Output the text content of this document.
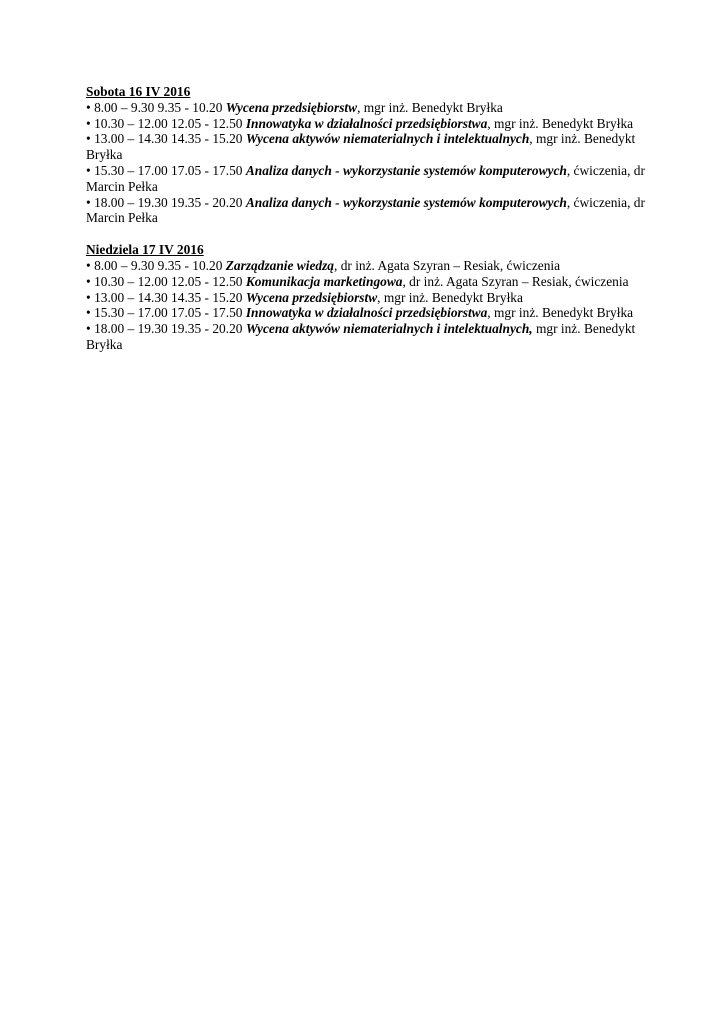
Sobota 16 IV 2016
• 8.00 – 9.30 9.35 - 10.20 Wycena przedsiębiorstw, mgr inż. Benedykt Bryłka
• 10.30 – 12.00 12.05 - 12.50 Innowatyka w działalności przedsiębiorstwa, mgr inż. Benedykt Bryłka
• 13.00 – 14.30 14.35 - 15.20 Wycena aktywów niematerialnych i intelektualnych, mgr inż. Benedykt Bryłka
• 15.30 – 17.00 17.05 - 17.50 Analiza danych - wykorzystanie systemów komputerowych, ćwiczenia, dr Marcin Pełka
• 18.00 – 19.30 19.35 - 20.20 Analiza danych - wykorzystanie systemów komputerowych, ćwiczenia, dr Marcin Pełka
Niedziela 17 IV 2016
• 8.00 – 9.30 9.35 - 10.20 Zarządzanie wiedzą, dr inż. Agata Szyran – Resiak, ćwiczenia
• 10.30 – 12.00 12.05 - 12.50 Komunikacja marketingowa, dr inż. Agata Szyran – Resiak, ćwiczenia
• 13.00 – 14.30 14.35 - 15.20 Wycena przedsiębiorstw, mgr inż. Benedykt Bryłka
• 15.30 – 17.00 17.05 - 17.50 Innowatyka w działalności przedsiębiorstwa, mgr inż. Benedykt Bryłka
• 18.00 – 19.30 19.35 - 20.20 Wycena aktywów niematerialnych i intelektualnych, mgr inż. Benedykt Bryłka
